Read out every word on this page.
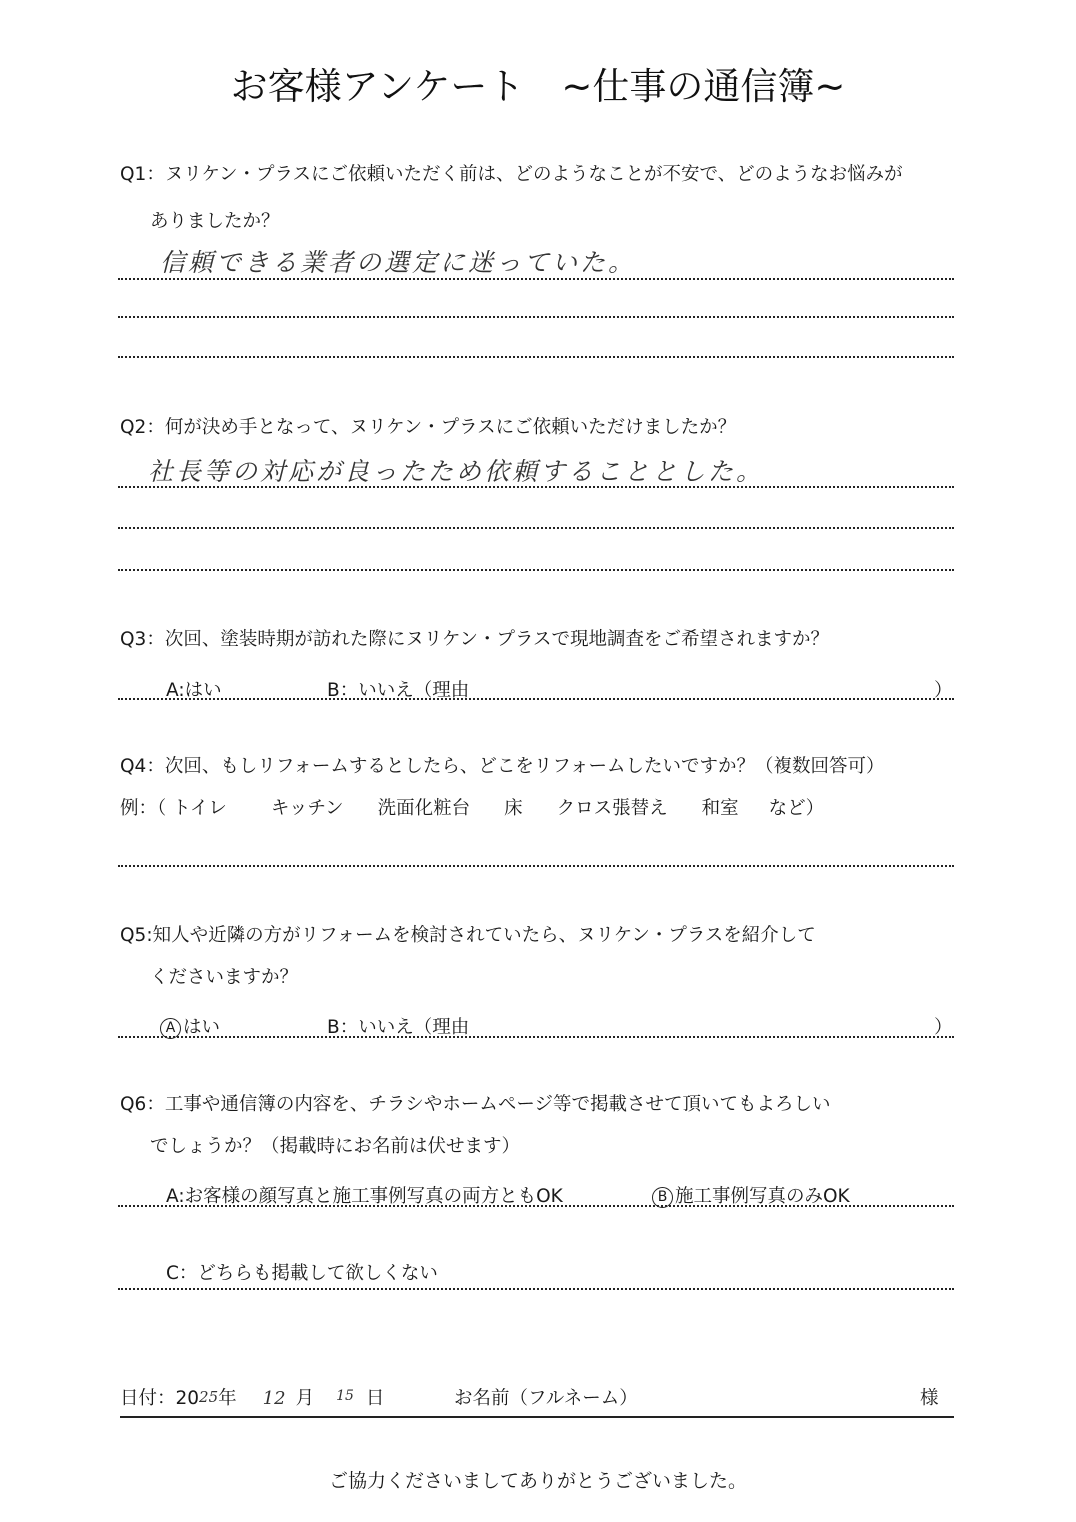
お客様アンケート　~仕事の通信簿~
Q1：ヌリケン・プラスにご依頼いただく前は、どのようなことが不安で、どのようなお悩みが
ありましたか？
信頼できる業者の選定に迷っていた。
Q2：何が決め手となって、ヌリケン・プラスにご依頼いただけましたか？
社長等の対応が良ったため依頼することとした。
Q3：次回、塗装時期が訪れた際にヌリケン・プラスで現地調査をご希望されますか？
A:はい	B：いいえ（理由	）
Q4：次回、もしリフォームするとしたら、どこをリフォームしたいですか？（複数回答可）
例：（ トイレ キッチン 洗面化粧台 床 クロス張替え 和室 など）
Q5:知人や近隣の方がリフォームを検討されていたら、ヌリケン・プラスを紹介して
くださいますか？
A はい	B：いいえ（理由	）
Q6：工事や通信簿の内容を、チラシやホームページ等で掲載させて頂いてもよろしい
でしょうか？（掲載時にお名前は伏せます）
A:お客様の顔写真と施工事例写真の両方ともOK	B 施工事例写真のみOK
C：どちらも掲載して欲しくない
日付：2025年 12 月 $^{15}$ 日	お名前（フルネーム）	様
ご協力くださいましてありがとうございました。
